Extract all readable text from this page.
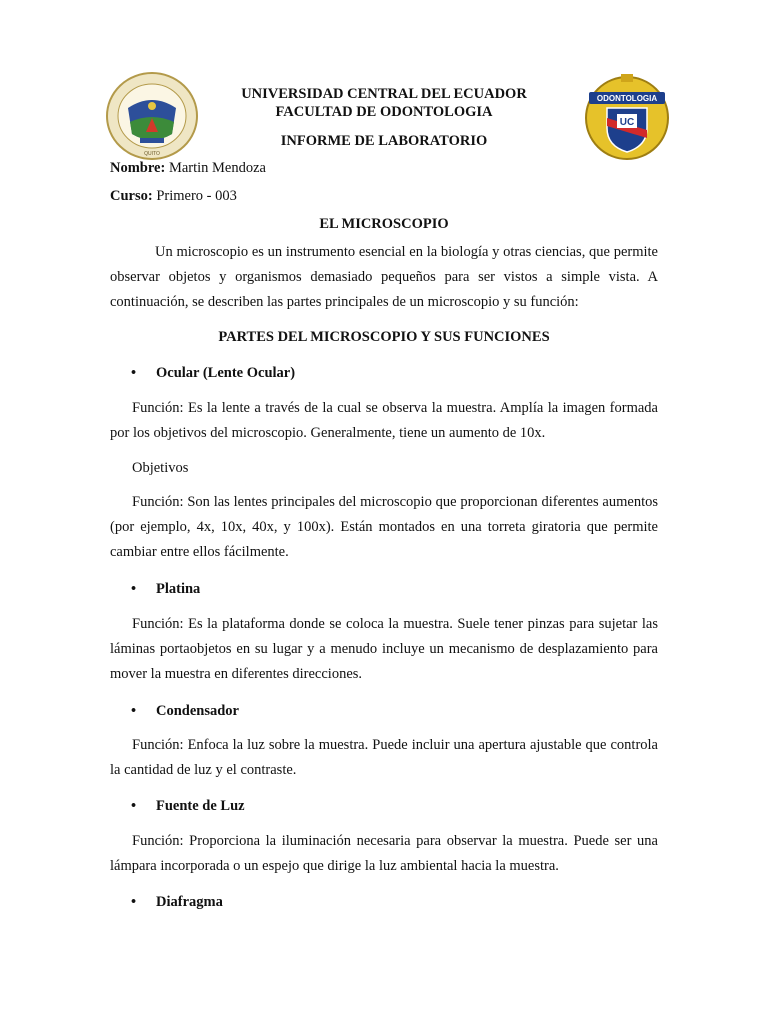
QUITO
UNIVERSIDAD CENTRAL DEL ECUADOR
FACULTAD DE ODONTOLOGIA
INFORME DE LABORATORIO
ODONTOLOGIA
UC
Nombre: Martin Mendoza
Curso: Primero - 003
EL MICROSCOPIO
Un microscopio es un instrumento esencial en la biología y otras ciencias, que permite observar objetos y organismos demasiado pequeños para ser vistos a simple vista. A continuación, se describen las partes principales de un microscopio y su función:
PARTES DEL MICROSCOPIO Y SUS FUNCIONES
• Ocular (Lente Ocular)
Función: Es la lente a través de la cual se observa la muestra. Amplía la imagen formada por los objetivos del microscopio. Generalmente, tiene un aumento de 10x.
Objetivos
Función: Son las lentes principales del microscopio que proporcionan diferentes aumentos (por ejemplo, 4x, 10x, 40x, y 100x). Están montados en una torreta giratoria que permite cambiar entre ellos fácilmente.
• Platina
Función: Es la plataforma donde se coloca la muestra. Suele tener pinzas para sujetar las láminas portaobjetos en su lugar y a menudo incluye un mecanismo de desplazamiento para mover la muestra en diferentes direcciones.
• Condensador
Función: Enfoca la luz sobre la muestra. Puede incluir una apertura ajustable que controla la cantidad de luz y el contraste.
• Fuente de Luz
Función: Proporciona la iluminación necesaria para observar la muestra. Puede ser una lámpara incorporada o un espejo que dirige la luz ambiental hacia la muestra.
• Diafragma
